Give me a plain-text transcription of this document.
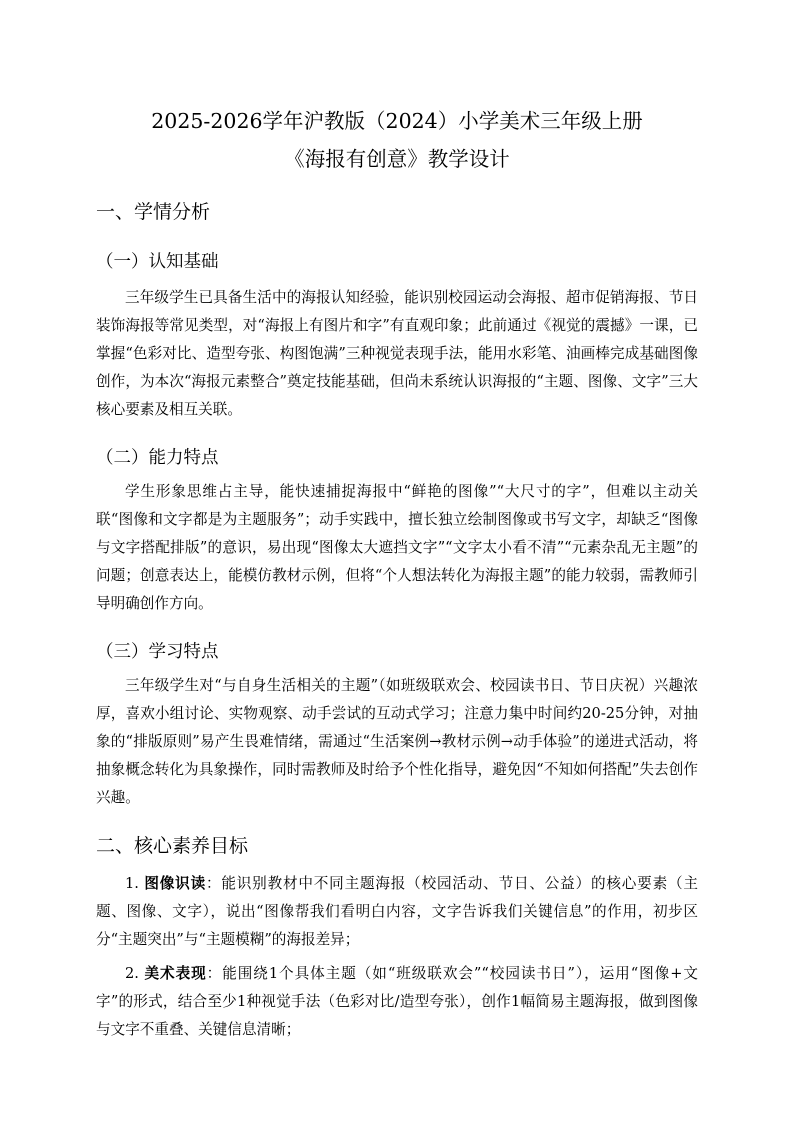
2025-2026学年沪教版（2024）小学美术三年级上册

《海报有创意》教学设计

一、学情分析

（一）认知基础

三年级学生已具备生活中的海报认知经验，能识别校园运动会海报、超市促销海报、节日装饰海报等常见类型，对“海报上有图片和字”有直观印象；此前通过《视觉的震撼》一课，已掌握“色彩对比、造型夸张、构图饱满”三种视觉表现手法，能用水彩笔、油画棒完成基础图像创作，为本次“海报元素整合”奠定技能基础，但尚未系统认识海报的“主题、图像、文字”三大核心要素及相互关联。

（二）能力特点

学生形象思维占主导，能快速捕捉海报中“鲜艳的图像”“大尺寸的字”，但难以主动关联“图像和文字都是为主题服务”；动手实践中，擅长独立绘制图像或书写文字，却缺乏“图像与文字搭配排版”的意识，易出现“图像太大遮挡文字”“文字太小看不清”“元素杂乱无主题”的问题；创意表达上，能模仿教材示例，但将“个人想法转化为海报主题”的能力较弱，需教师引导明确创作方向。

（三）学习特点

三年级学生对“与自身生活相关的主题”（如班级联欢会、校园读书日、节日庆祝）兴趣浓厚，喜欢小组讨论、实物观察、动手尝试的互动式学习；注意力集中时间约20-25分钟，对抽象的“排版原则”易产生畏难情绪，需通过“生活案例→教材示例→动手体验”的递进式活动，将抽象概念转化为具象操作，同时需教师及时给予个性化指导，避免因“不知如何搭配”失去创作兴趣。

二、核心素养目标

1. 图像识读：能识别教材中不同主题海报（校园活动、节日、公益）的核心要素（主题、图像、文字），说出“图像帮我们看明白内容，文字告诉我们关键信息”的作用，初步区分“主题突出”与“主题模糊”的海报差异；

2. 美术表现：能围绕1个具体主题（如“班级联欢会”“校园读书日”），运用“图像+文字”的形式，结合至少1种视觉手法（色彩对比/造型夸张），创作1幅简易主题海报，做到图像与文字不重叠、关键信息清晰；
